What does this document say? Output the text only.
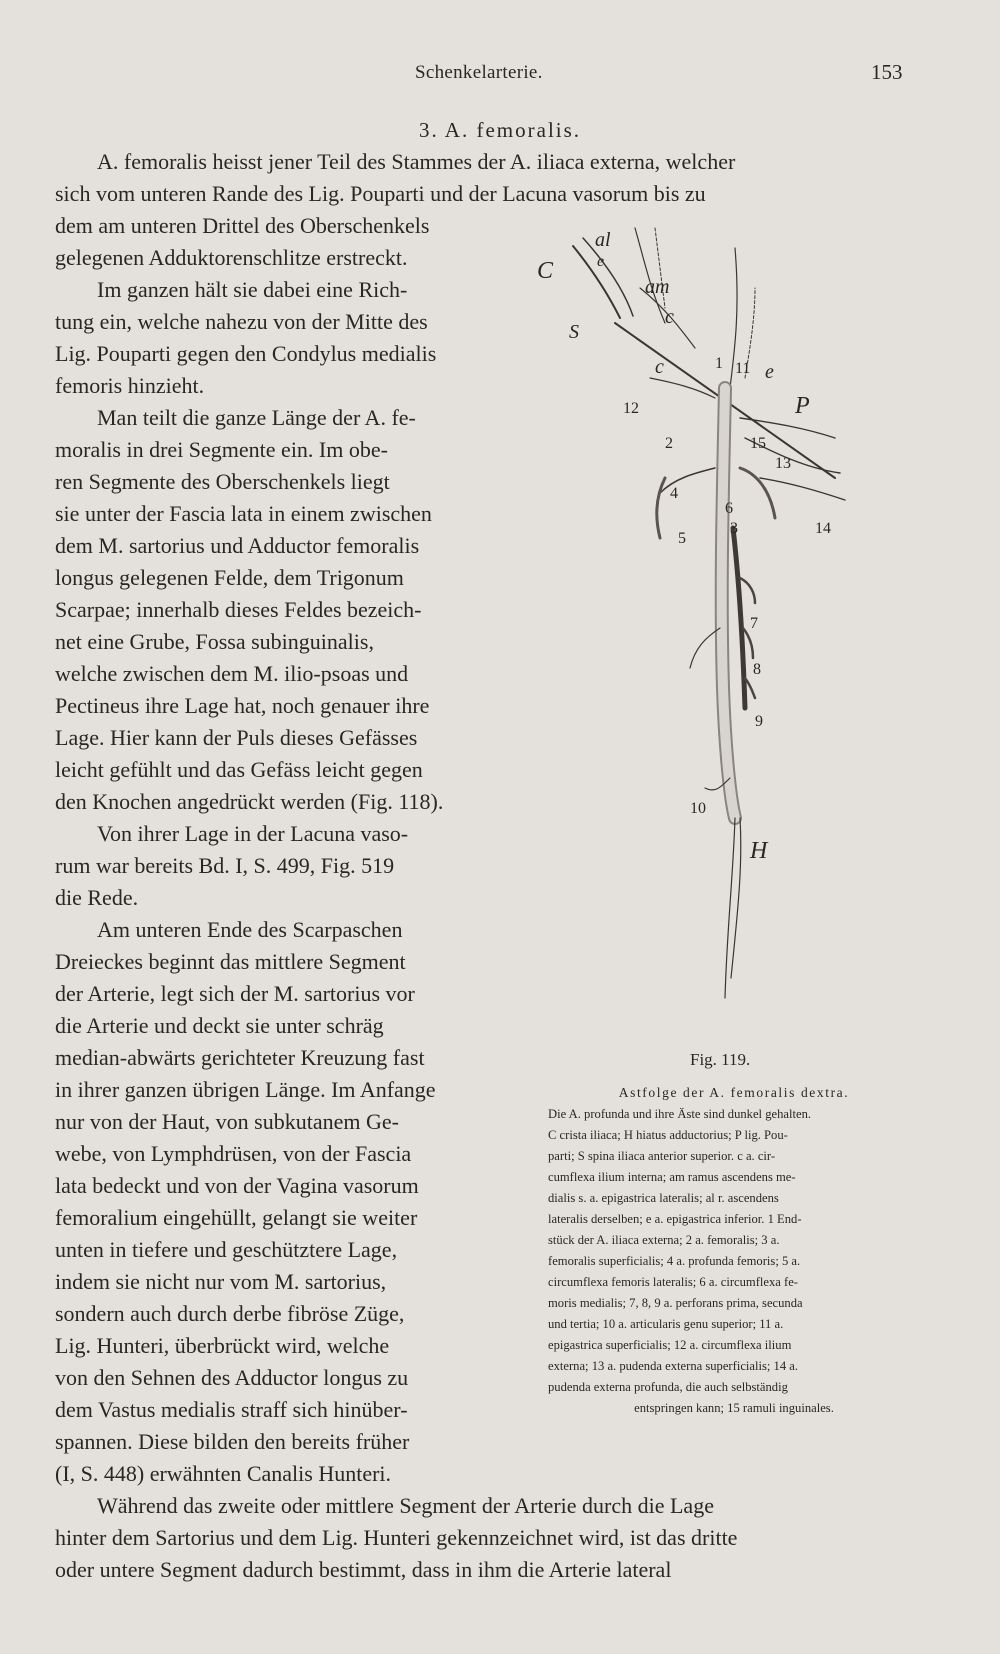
Schenkelarterie.	153
3. A. femoralis.
A. femoralis heisst jener Teil des Stammes der A. iliaca externa, welcher
sich vom unteren Rande des Lig. Pouparti und der Lacuna vasorum bis zu
dem am unteren Drittel des Oberschenkels
gelegenen Adduktorenschlitze erstreckt.
Im ganzen hält sie dabei eine Rich-
tung ein, welche nahezu von der Mitte des
Lig. Pouparti gegen den Condylus medialis
femoris hinzieht.
Man teilt die ganze Länge der A. fe-
moralis in drei Segmente ein. Im obe-
ren Segmente des Oberschenkels liegt
sie unter der Fascia lata in einem zwischen
dem M. sartorius und Adductor femoralis
longus gelegenen Felde, dem Trigonum
Scarpae; innerhalb dieses Feldes bezeich-
net eine Grube, Fossa subinguinalis,
welche zwischen dem M. ilio-psoas und
Pectineus ihre Lage hat, noch genauer ihre
Lage. Hier kann der Puls dieses Gefässes
leicht gefühlt und das Gefäss leicht gegen
den Knochen angedrückt werden (Fig. 118).
Von ihrer Lage in der Lacuna vaso-
rum war bereits Bd. I, S. 499, Fig. 519
die Rede.
Am unteren Ende des Scarpaschen
Dreieckes beginnt das mittlere Segment
der Arterie, legt sich der M. sartorius vor
die Arterie und deckt sie unter schräg
median-abwärts gerichteter Kreuzung fast
in ihrer ganzen übrigen Länge. Im Anfange
nur von der Haut, von subkutanem Ge-
webe, von Lymphdrüsen, von der Fascia
lata bedeckt und von der Vagina vasorum
femoralium eingehüllt, gelangt sie weiter
unten in tiefere und geschütztere Lage,
indem sie nicht nur vom M. sartorius,
sondern auch durch derbe fibröse Züge,
Lig. Hunteri, überbrückt wird, welche
von den Sehnen des Adductor longus zu
dem Vastus medialis straff sich hinüber-
spannen. Diese bilden den bereits früher
(I, S. 448) erwähnten Canalis Hunteri.
Während das zweite oder mittlere Segment der Arterie durch die Lage
hinter dem Sartorius und dem Lig. Hunteri gekennzeichnet wird, ist das dritte
oder untere Segment dadurch bestimmt, dass in ihm die Arterie lateral
al
e
C
am
S
c
c	1 11 e
P
12
2	15
13
4
6
14
3
5
7
8
9
10
H
Fig. 119.
Astfolge der A. femoralis dextra.
Die A. profunda und ihre Äste sind dunkel gehalten.
C crista iliaca; H hiatus adductorius; P lig. Pou-
parti; S spina iliaca anterior superior. c a. cir-
cumflexa ilium interna; am ramus ascendens me-
dialis s. a. epigastrica lateralis; al r. ascendens
lateralis derselben; e a. epigastrica inferior. 1 End-
stück der A. iliaca externa; 2 a. femoralis; 3 a.
femoralis superficialis; 4 a. profunda femoris; 5 a.
circumflexa femoris lateralis; 6 a. circumflexa fe-
moris medialis; 7, 8, 9 a. perforans prima, secunda
und tertia; 10 a. articularis genu superior; 11 a.
epigastrica superficialis; 12 a. circumflexa ilium
externa; 13 a. pudenda externa superficialis; 14 a.
pudenda externa profunda, die auch selbständig
entspringen kann; 15 ramuli inguinales.
